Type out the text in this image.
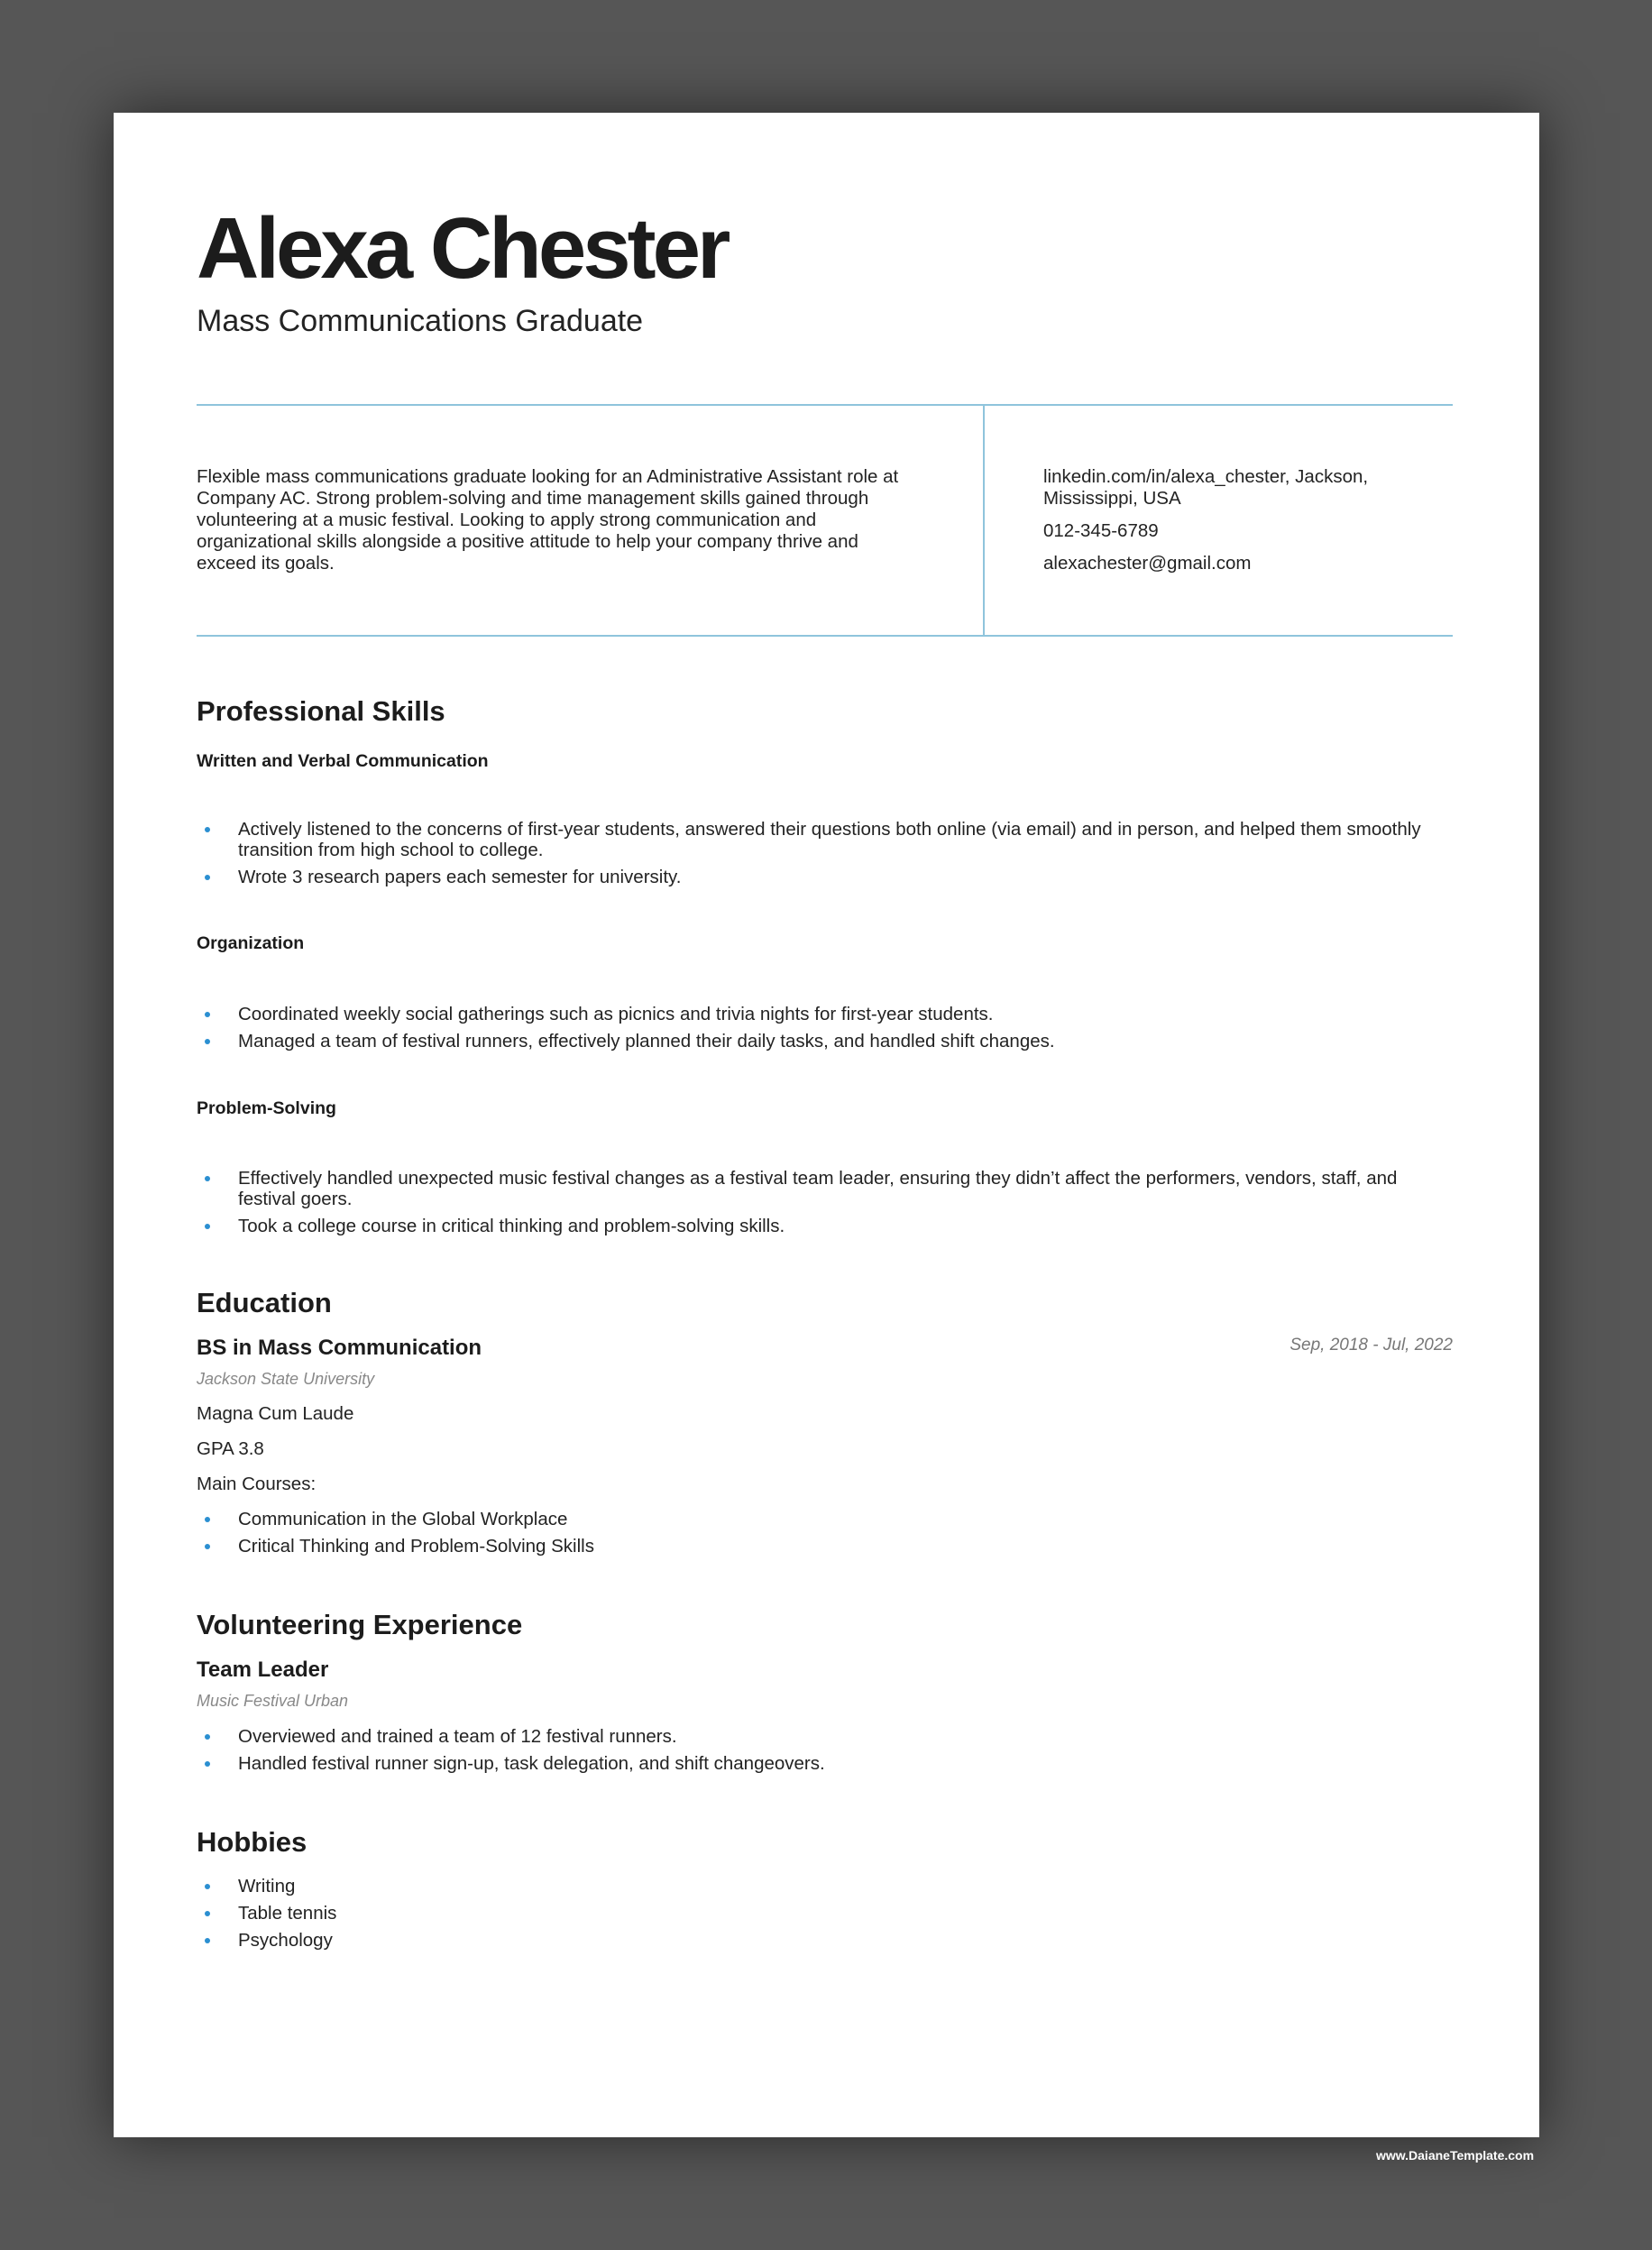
Alexa Chester
Mass Communications Graduate
Flexible mass communications graduate looking for an Administrative Assistant role at Company AC. Strong problem-solving and time management skills gained through volunteering at a music festival. Looking to apply strong communication and organizational skills alongside a positive attitude to help your company thrive and exceed its goals.
linkedin.com/in/alexa_chester, Jackson, Mississippi, USA
012-345-6789
alexachester@gmail.com
Professional Skills
Written and Verbal Communication
Actively listened to the concerns of first-year students, answered their questions both online (via email) and in person, and helped them smoothly transition from high school to college.
Wrote 3 research papers each semester for university.
Organization
Coordinated weekly social gatherings such as picnics and trivia nights for first-year students.
Managed a team of festival runners, effectively planned their daily tasks, and handled shift changes.
Problem-Solving
Effectively handled unexpected music festival changes as a festival team leader, ensuring they didn’t affect the performers, vendors, staff, and festival goers.
Took a college course in critical thinking and problem-solving skills.
Education
BS in Mass Communication	Sep, 2018 - Jul, 2022
Jackson State University
Magna Cum Laude
GPA 3.8
Main Courses:
Communication in the Global Workplace
Critical Thinking and Problem-Solving Skills
Volunteering Experience
Team Leader
Music Festival Urban
Overviewed and trained a team of 12 festival runners.
Handled festival runner sign-up, task delegation, and shift changeovers.
Hobbies
Writing
Table tennis
Psychology
www.DaianeTemplate.com
